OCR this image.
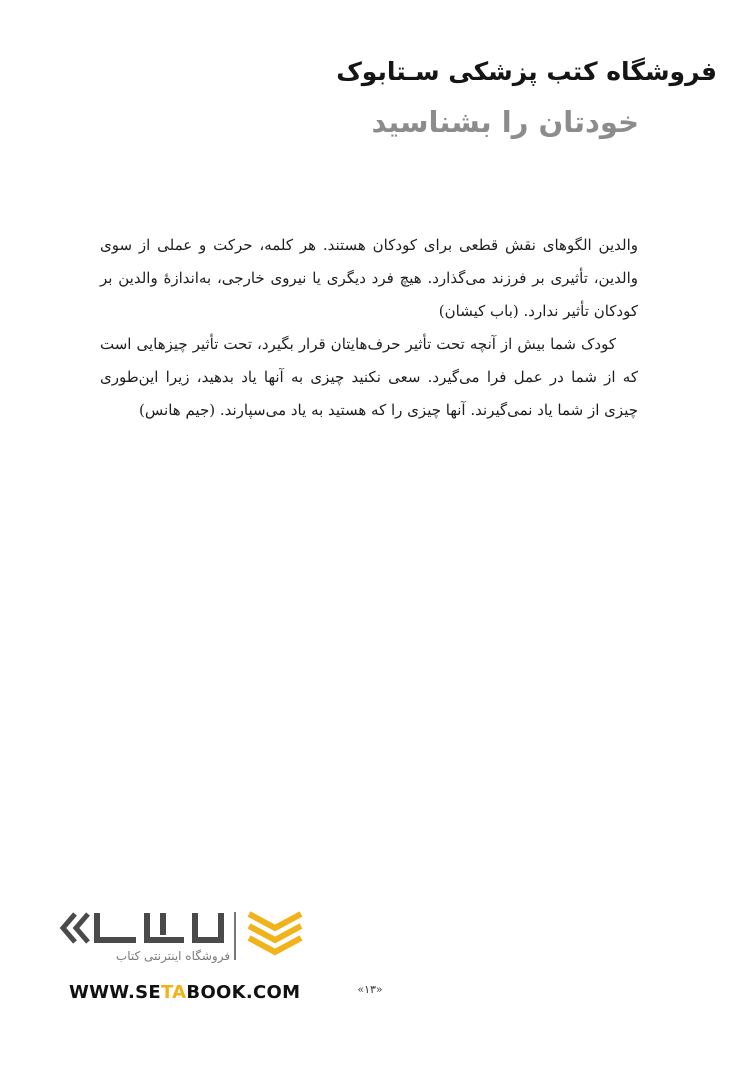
فروشگاه کتب پزشکی سـتابوک
خودتان را بشناسید

والدین الگوهای نقش قطعی برای کودکان هستند. هر کلمه، حرکت و عملی از سوی والدین، تأثیری بر فرزند می‌گذارد. هیچ فرد دیگری یا نیروی خارجی، به‌اندازهٔ والدین بر کودکان تأثیر ندارد. (باب کیشان)

کودک شما بیش از آنچه تحت تأثیر حرف‌هایتان قرار بگیرد، تحت تأثیر چیزهایی است که از شما در عمل فرا می‌گیرد. سعی نکنید چیزی به آنها یاد بدهید، زیرا این‌طوری چیزی از شما یاد نمی‌گیرند. آنها چیزی را که هستید به یاد می‌سپارند. (جیم هانس)

فروشگاه اینترنتی کتاب
WWW.SETABOOK.COM	«۱۳»
